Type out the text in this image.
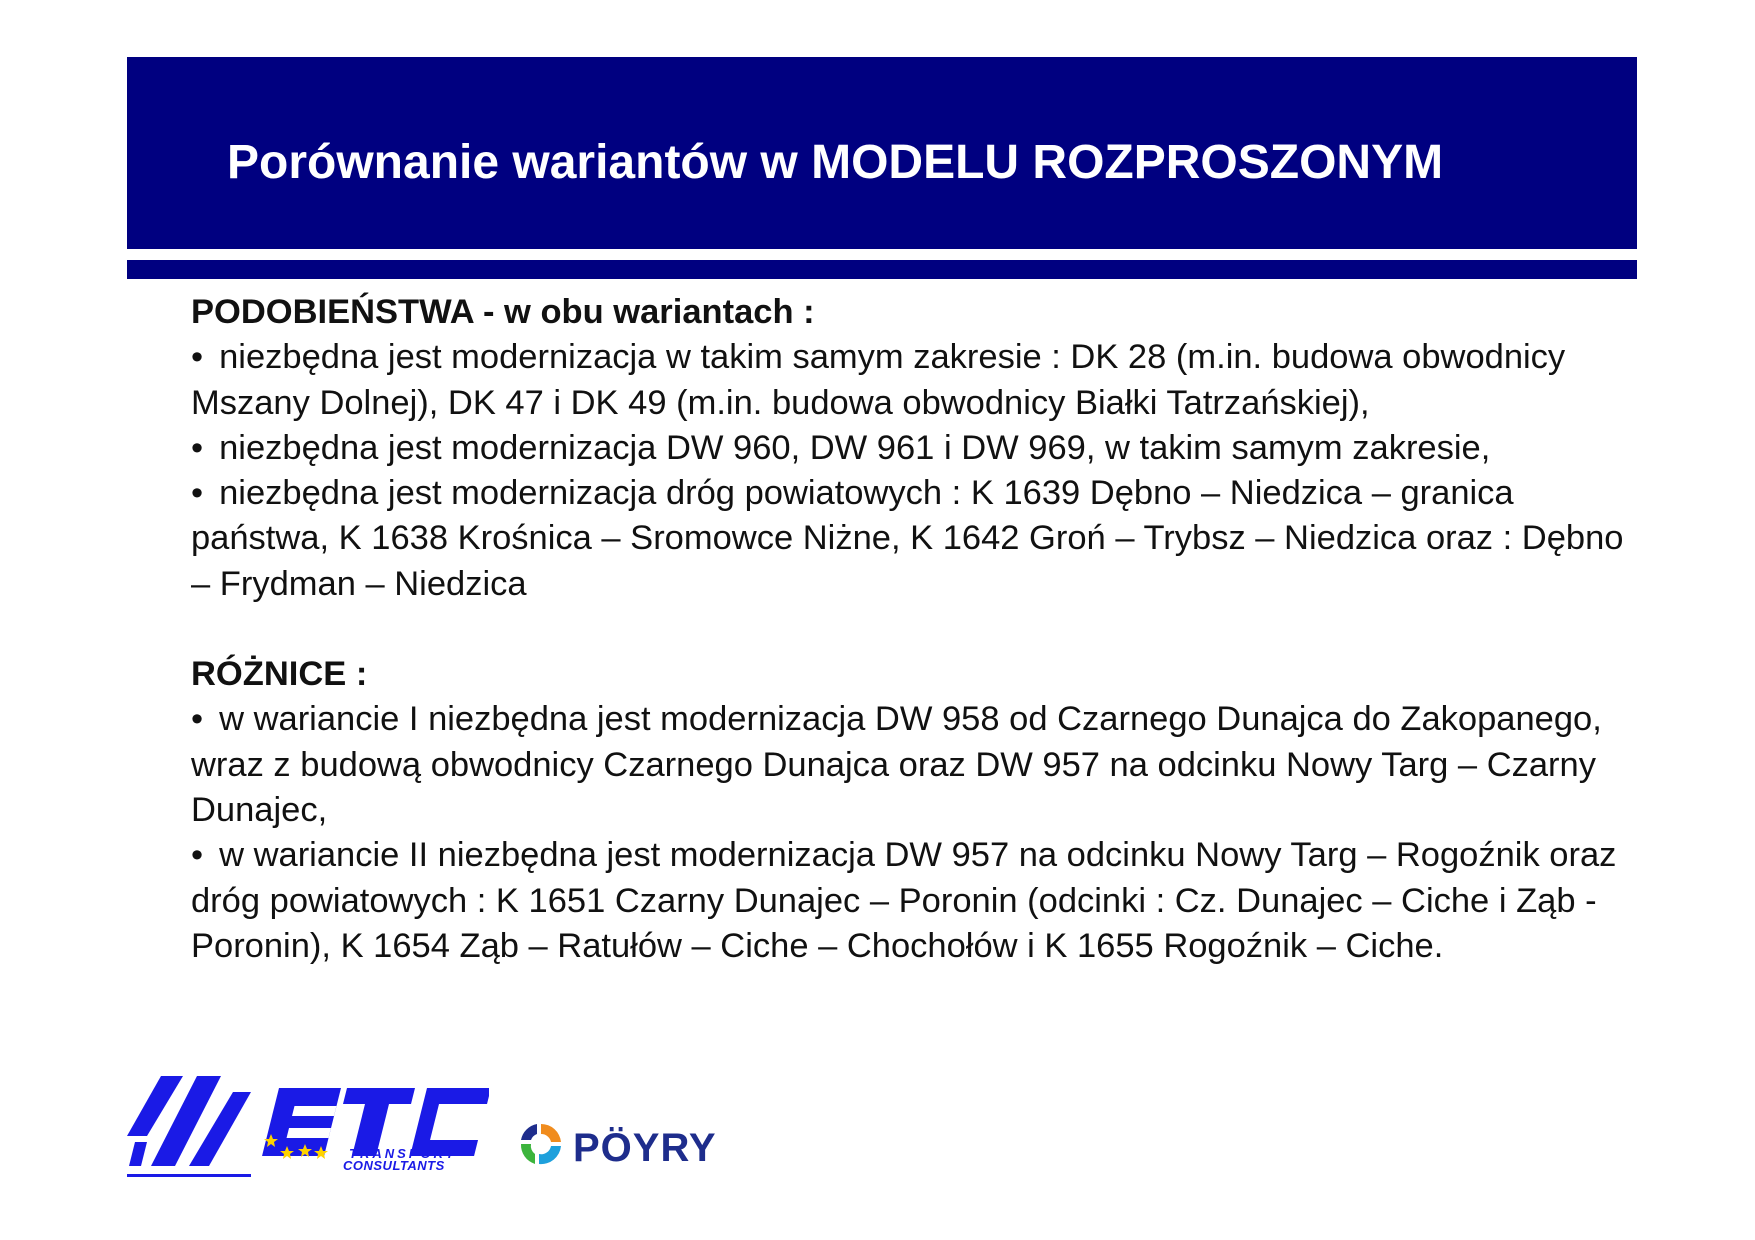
Porównanie wariantów w MODELU ROZPROSZONYM

PODOBIEŃSTWA - w obu wariantach :

• niezbędna jest modernizacja w takim samym zakresie : DK 28 (m.in. budowa obwodnicy Mszany Dolnej), DK 47 i DK 49 (m.in. budowa obwodnicy Białki Tatrzańskiej),

• niezbędna jest modernizacja DW 960, DW 961 i DW 969, w takim samym zakresie,

• niezbędna jest modernizacja dróg powiatowych : K 1639 Dębno – Niedzica – granica państwa, K 1638 Krośnica – Sromowce Niżne, K 1642 Groń – Trybsz – Niedzica oraz : Dębno – Frydman – Niedzica

RÓŻNICE :

• w wariancie I niezbędna jest modernizacja DW 958 od Czarnego Dunajca do Zakopanego, wraz z budową obwodnicy Czarnego Dunajca oraz DW 957 na odcinku Nowy Targ – Czarny Dunajec,

• w wariancie II niezbędna jest modernizacja DW 957 na odcinku Nowy Targ – Rogoźnik oraz dróg powiatowych : K 1651 Czarny Dunajec – Poronin (odcinki : Cz. Dunajec – Ciche i Ząb - Poronin), K 1654 Ząb – Ratułów – Ciche – Chochołów i K 1655 Rogoźnik – Ciche.

TRANSPORT
CONSULTANTS	PÖYRY
